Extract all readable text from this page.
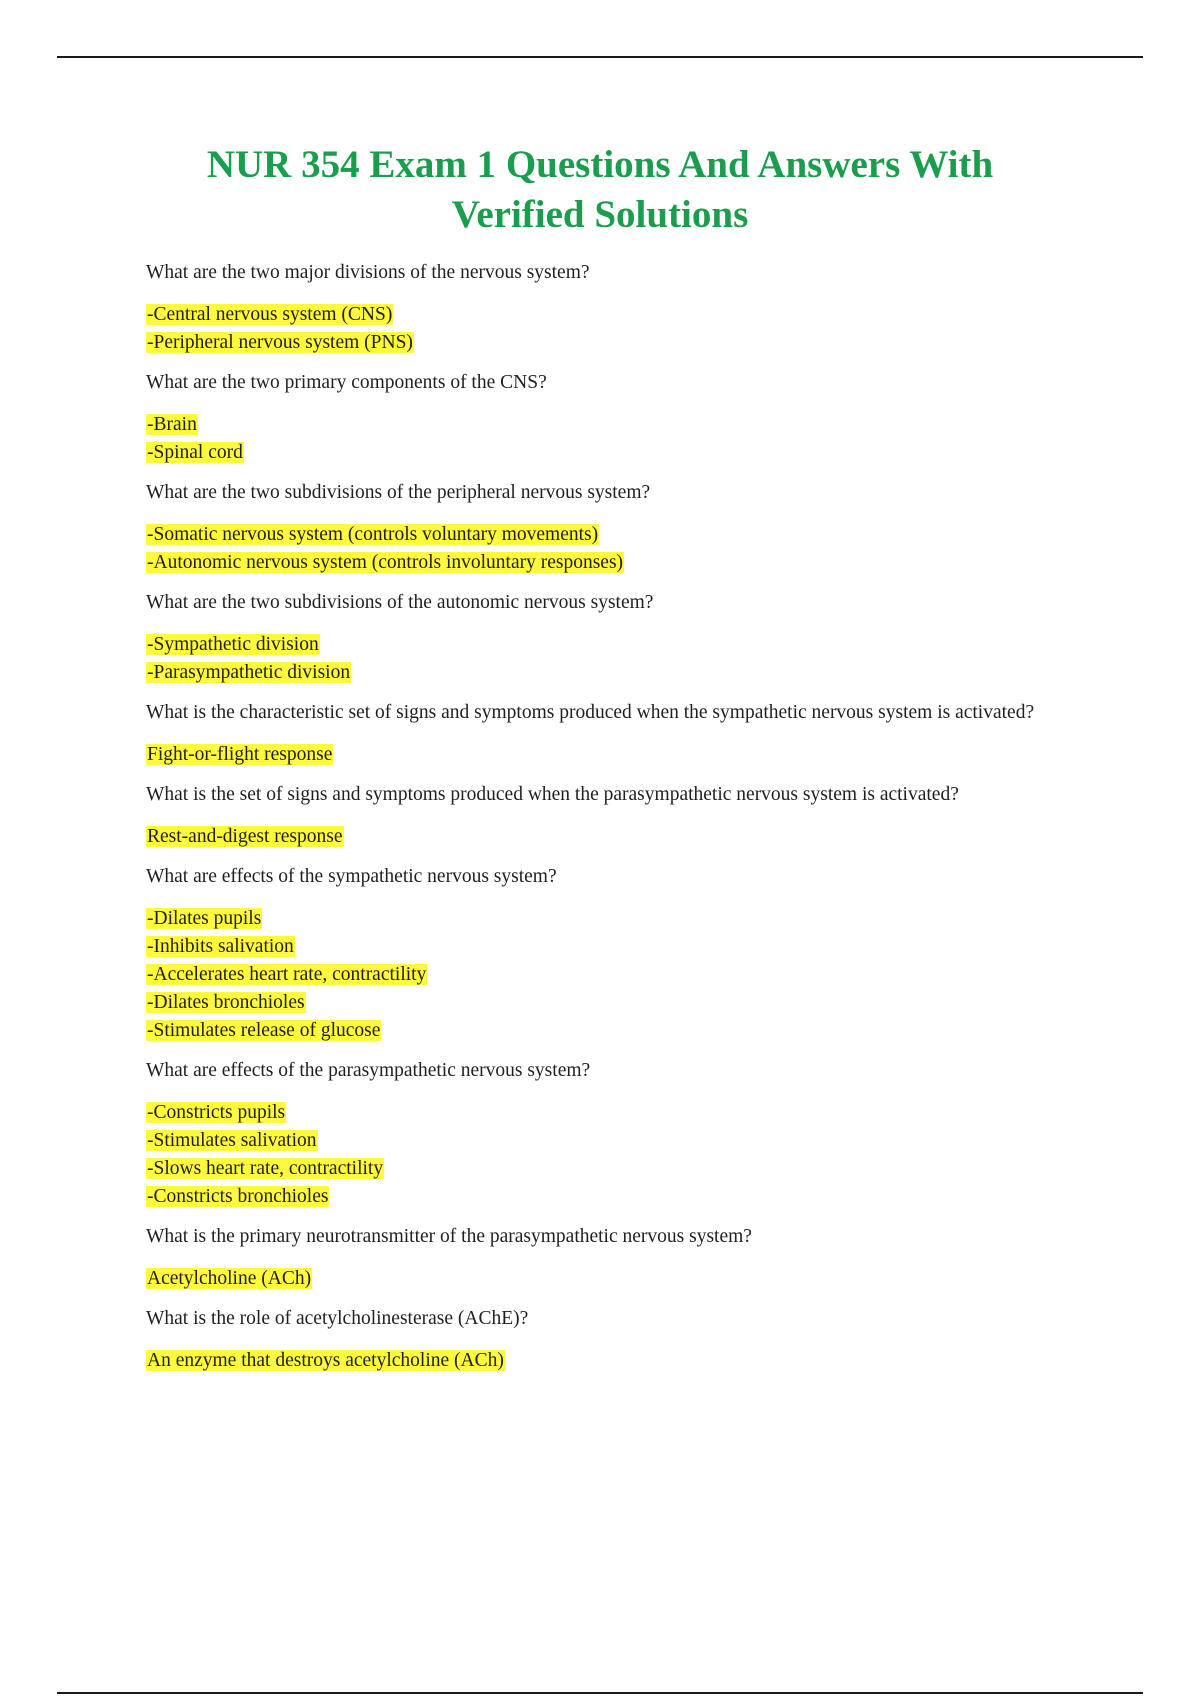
NUR 354 Exam 1 Questions And Answers With
Verified Solutions
What are the two major divisions of the nervous system?
-Central nervous system (CNS)
-Peripheral nervous system (PNS)
What are the two primary components of the CNS?
-Brain
-Spinal cord
What are the two subdivisions of the peripheral nervous system?
-Somatic nervous system (controls voluntary movements)
-Autonomic nervous system (controls involuntary responses)
What are the two subdivisions of the autonomic nervous system?
-Sympathetic division
-Parasympathetic division
What is the characteristic set of signs and symptoms produced when the sympathetic nervous system is activated?
Fight-or-flight response
What is the set of signs and symptoms produced when the parasympathetic nervous system is activated?
Rest-and-digest response
What are effects of the sympathetic nervous system?
-Dilates pupils
-Inhibits salivation
-Accelerates heart rate, contractility
-Dilates bronchioles
-Stimulates release of glucose
What are effects of the parasympathetic nervous system?
-Constricts pupils
-Stimulates salivation
-Slows heart rate, contractility
-Constricts bronchioles
What is the primary neurotransmitter of the parasympathetic nervous system?
Acetylcholine (ACh)
What is the role of acetylcholinesterase (AChE)?
An enzyme that destroys acetylcholine (ACh)
